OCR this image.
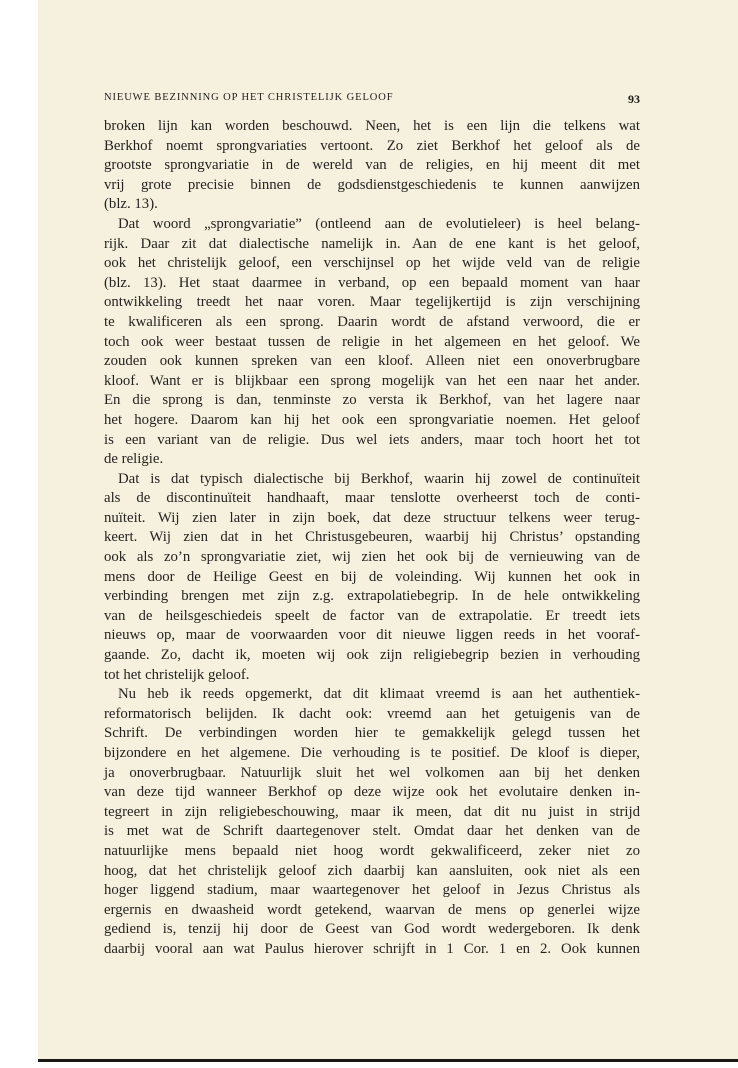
NIEUWE BEZINNING OP HET CHRISTELIJK GELOOF	93
broken lijn kan worden beschouwd. Neen, het is een lijn die telkens wat
Berkhof noemt sprongvariaties vertoont. Zo ziet Berkhof het geloof als de
grootste sprongvariatie in de wereld van de religies, en hij meent dit met
vrij grote precisie binnen de godsdienstgeschiedenis te kunnen aanwijzen
(blz. 13).
Dat woord „sprongvariatie” (ontleend aan de evolutieleer) is heel belang-
rijk. Daar zit dat dialectische namelijk in. Aan de ene kant is het geloof,
ook het christelijk geloof, een verschijnsel op het wijde veld van de religie
(blz. 13). Het staat daarmee in verband, op een bepaald moment van haar
ontwikkeling treedt het naar voren. Maar tegelijkertijd is zijn verschijning
te kwalificeren als een sprong. Daarin wordt de afstand verwoord, die er
toch ook weer bestaat tussen de religie in het algemeen en het geloof. We
zouden ook kunnen spreken van een kloof. Alleen niet een onoverbrugbare
kloof. Want er is blijkbaar een sprong mogelijk van het een naar het ander.
En die sprong is dan, tenminste zo versta ik Berkhof, van het lagere naar
het hogere. Daarom kan hij het ook een sprongvariatie noemen. Het geloof
is een variant van de religie. Dus wel iets anders, maar toch hoort het tot
de religie.
Dat is dat typisch dialectische bij Berkhof, waarin hij zowel de continuïteit
als de discontinuïteit handhaaft, maar tenslotte overheerst toch de conti-
nuïteit. Wij zien later in zijn boek, dat deze structuur telkens weer terug-
keert. Wij zien dat in het Christusgebeuren, waarbij hij Christus’ opstanding
ook als zo’n sprongvariatie ziet, wij zien het ook bij de vernieuwing van de
mens door de Heilige Geest en bij de voleinding. Wij kunnen het ook in
verbinding brengen met zijn z.g. extrapolatiebegrip. In de hele ontwikkeling
van de heilsgeschiedeis speelt de factor van de extrapolatie. Er treedt iets
nieuws op, maar de voorwaarden voor dit nieuwe liggen reeds in het vooraf-
gaande. Zo, dacht ik, moeten wij ook zijn religiebegrip bezien in verhouding
tot het christelijk geloof.
Nu heb ik reeds opgemerkt, dat dit klimaat vreemd is aan het authentiek-
reformatorisch belijden. Ik dacht ook: vreemd aan het getuigenis van de
Schrift. De verbindingen worden hier te gemakkelijk gelegd tussen het
bijzondere en het algemene. Die verhouding is te positief. De kloof is dieper,
ja onoverbrugbaar. Natuurlijk sluit het wel volkomen aan bij het denken
van deze tijd wanneer Berkhof op deze wijze ook het evolutaire denken in-
tegreert in zijn religiebeschouwing, maar ik meen, dat dit nu juist in strijd
is met wat de Schrift daartegenover stelt. Omdat daar het denken van de
natuurlijke mens bepaald niet hoog wordt gekwalificeerd, zeker niet zo
hoog, dat het christelijk geloof zich daarbij kan aansluiten, ook niet als een
hoger liggend stadium, maar waartegenover het geloof in Jezus Christus als
ergernis en dwaasheid wordt getekend, waarvan de mens op generlei wijze
gediend is, tenzij hij door de Geest van God wordt wedergeboren. Ik denk
daarbij vooral aan wat Paulus hierover schrijft in 1 Cor. 1 en 2. Ook kunnen
